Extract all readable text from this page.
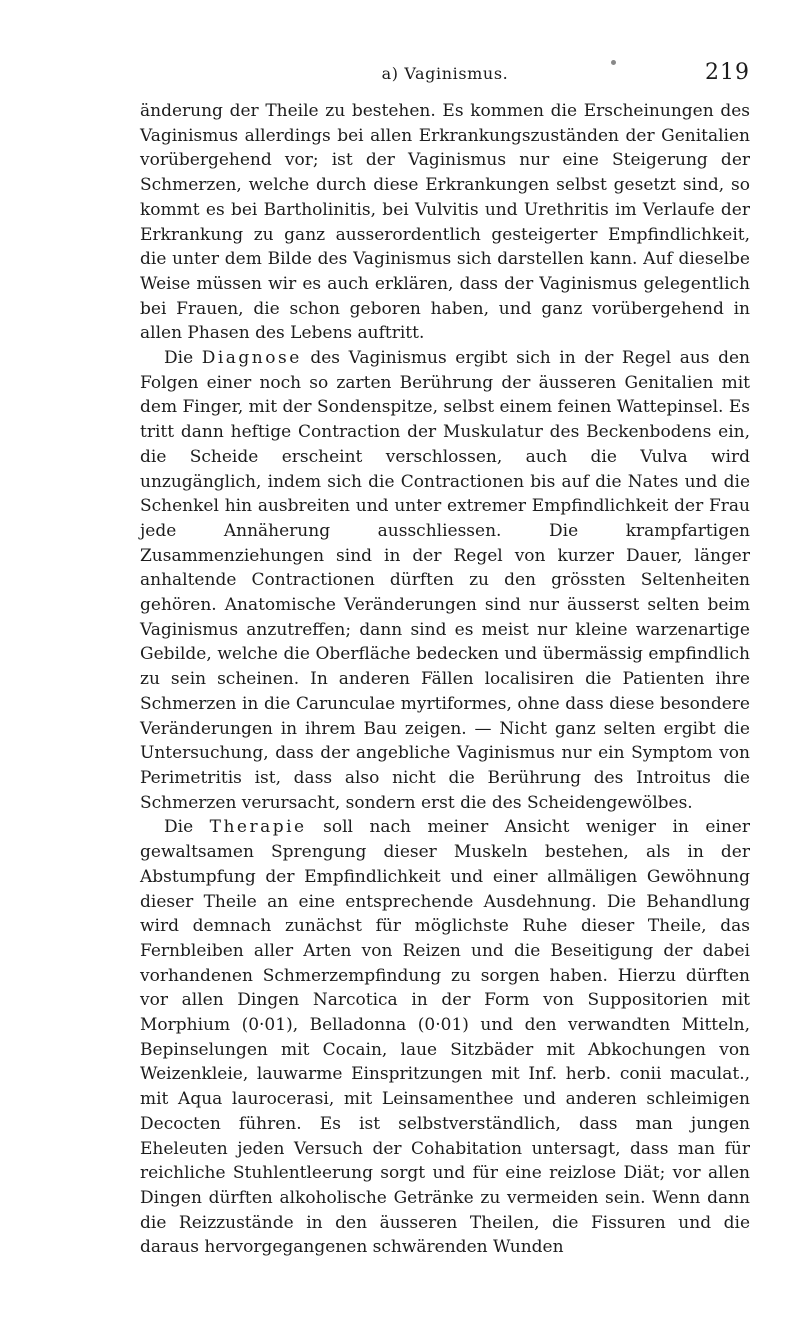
a) Vaginismus.	219

änderung der Theile zu bestehen. Es kommen die Erscheinungen des Vaginismus allerdings bei allen Erkrankungszuständen der Genitalien vorübergehend vor; ist der Vaginismus nur eine Steigerung der Schmerzen, welche durch diese Erkrankungen selbst gesetzt sind, so kommt es bei Bartholinitis, bei Vulvitis und Urethritis im Verlaufe der Erkrankung zu ganz ausserordentlich gesteigerter Empfindlichkeit, die unter dem Bilde des Vaginismus sich darstellen kann. Auf dieselbe Weise müssen wir es auch erklären, dass der Vaginismus gelegentlich bei Frauen, die schon geboren haben, und ganz vorübergehend in allen Phasen des Lebens auftritt.

Die Diagnose des Vaginismus ergibt sich in der Regel aus den Folgen einer noch so zarten Berührung der äusseren Genitalien mit dem Finger, mit der Sondenspitze, selbst einem feinen Wattepinsel. Es tritt dann heftige Contraction der Muskulatur des Beckenbodens ein, die Scheide erscheint verschlossen, auch die Vulva wird unzugänglich, indem sich die Contractionen bis auf die Nates und die Schenkel hin ausbreiten und unter extremer Empfindlichkeit der Frau jede Annäherung ausschliessen. Die krampfartigen Zusammenziehungen sind in der Regel von kurzer Dauer, länger anhaltende Contractionen dürften zu den grössten Seltenheiten gehören. Anatomische Veränderungen sind nur äusserst selten beim Vaginismus anzutreffen; dann sind es meist nur kleine warzenartige Gebilde, welche die Oberfläche bedecken und übermässig empfindlich zu sein scheinen. In anderen Fällen localisiren die Patienten ihre Schmerzen in die Carunculae myrtiformes, ohne dass diese besondere Veränderungen in ihrem Bau zeigen. — Nicht ganz selten ergibt die Untersuchung, dass der angebliche Vaginismus nur ein Symptom von Perimetritis ist, dass also nicht die Berührung des Introitus die Schmerzen verursacht, sondern erst die des Scheidengewölbes.

Die Therapie soll nach meiner Ansicht weniger in einer gewaltsamen Sprengung dieser Muskeln bestehen, als in der Abstumpfung der Empfindlichkeit und einer allmäligen Gewöhnung dieser Theile an eine entsprechende Ausdehnung. Die Behandlung wird demnach zunächst für möglichste Ruhe dieser Theile, das Fernbleiben aller Arten von Reizen und die Beseitigung der dabei vorhandenen Schmerzempfindung zu sorgen haben. Hierzu dürften vor allen Dingen Narcotica in der Form von Suppositorien mit Morphium (0·01), Belladonna (0·01) und den verwandten Mitteln, Bepinselungen mit Cocain, laue Sitzbäder mit Abkochungen von Weizenkleie, lauwarme Einspritzungen mit Inf. herb. conii maculat., mit Aqua laurocerasi, mit Leinsamenthee und anderen schleimigen Decocten führen. Es ist selbstverständlich, dass man jungen Eheleuten jeden Versuch der Cohabitation untersagt, dass man für reichliche Stuhlentleerung sorgt und für eine reizlose Diät; vor allen Dingen dürften alkoholische Getränke zu vermeiden sein. Wenn dann die Reizzustände in den äusseren Theilen, die Fissuren und die daraus hervorgegangenen schwärenden Wunden
